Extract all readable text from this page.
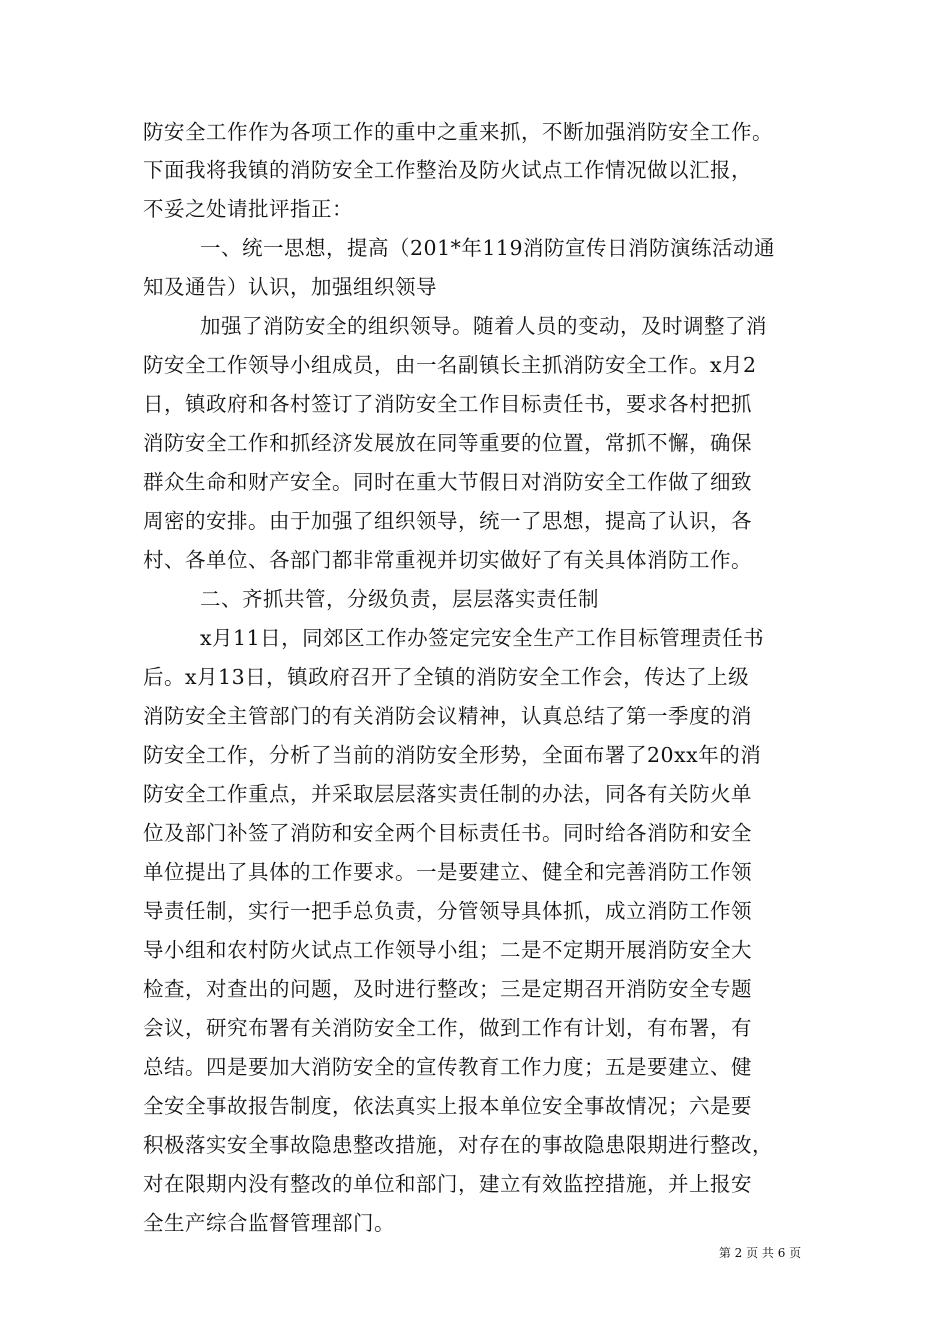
防安全工作作为各项工作的重中之重来抓，不断加强消防安全工作。
下面我将我镇的消防安全工作整治及防火试点工作情况做以汇报，
不妥之处请批评指正：
一、统一思想，提高（201*年119消防宣传日消防演练活动通
知及通告）认识，加强组织领导
加强了消防安全的组织领导。随着人员的变动，及时调整了消
防安全工作领导小组成员，由一名副镇长主抓消防安全工作。x月2
日，镇政府和各村签订了消防安全工作目标责任书，要求各村把抓
消防安全工作和抓经济发展放在同等重要的位置，常抓不懈，确保
群众生命和财产安全。同时在重大节假日对消防安全工作做了细致
周密的安排。由于加强了组织领导，统一了思想，提高了认识，各
村、各单位、各部门都非常重视并切实做好了有关具体消防工作。
二、齐抓共管，分级负责，层层落实责任制
x月11日，同郊区工作办签定完安全生产工作目标管理责任书
后。x月13日，镇政府召开了全镇的消防安全工作会，传达了上级
消防安全主管部门的有关消防会议精神，认真总结了第一季度的消
防安全工作，分析了当前的消防安全形势，全面布署了20xx年的消
防安全工作重点，并采取层层落实责任制的办法，同各有关防火单
位及部门补签了消防和安全两个目标责任书。同时给各消防和安全
单位提出了具体的工作要求。一是要建立、健全和完善消防工作领
导责任制，实行一把手总负责，分管领导具体抓，成立消防工作领
导小组和农村防火试点工作领导小组；二是不定期开展消防安全大
检查，对查出的问题，及时进行整改；三是定期召开消防安全专题
会议，研究布署有关消防安全工作，做到工作有计划，有布署，有
总结。四是要加大消防安全的宣传教育工作力度；五是要建立、健
全安全事故报告制度，依法真实上报本单位安全事故情况；六是要
积极落实安全事故隐患整改措施，对存在的事故隐患限期进行整改，
对在限期内没有整改的单位和部门，建立有效监控措施，并上报安
全生产综合监督管理部门。
第 2 页 共 6 页
